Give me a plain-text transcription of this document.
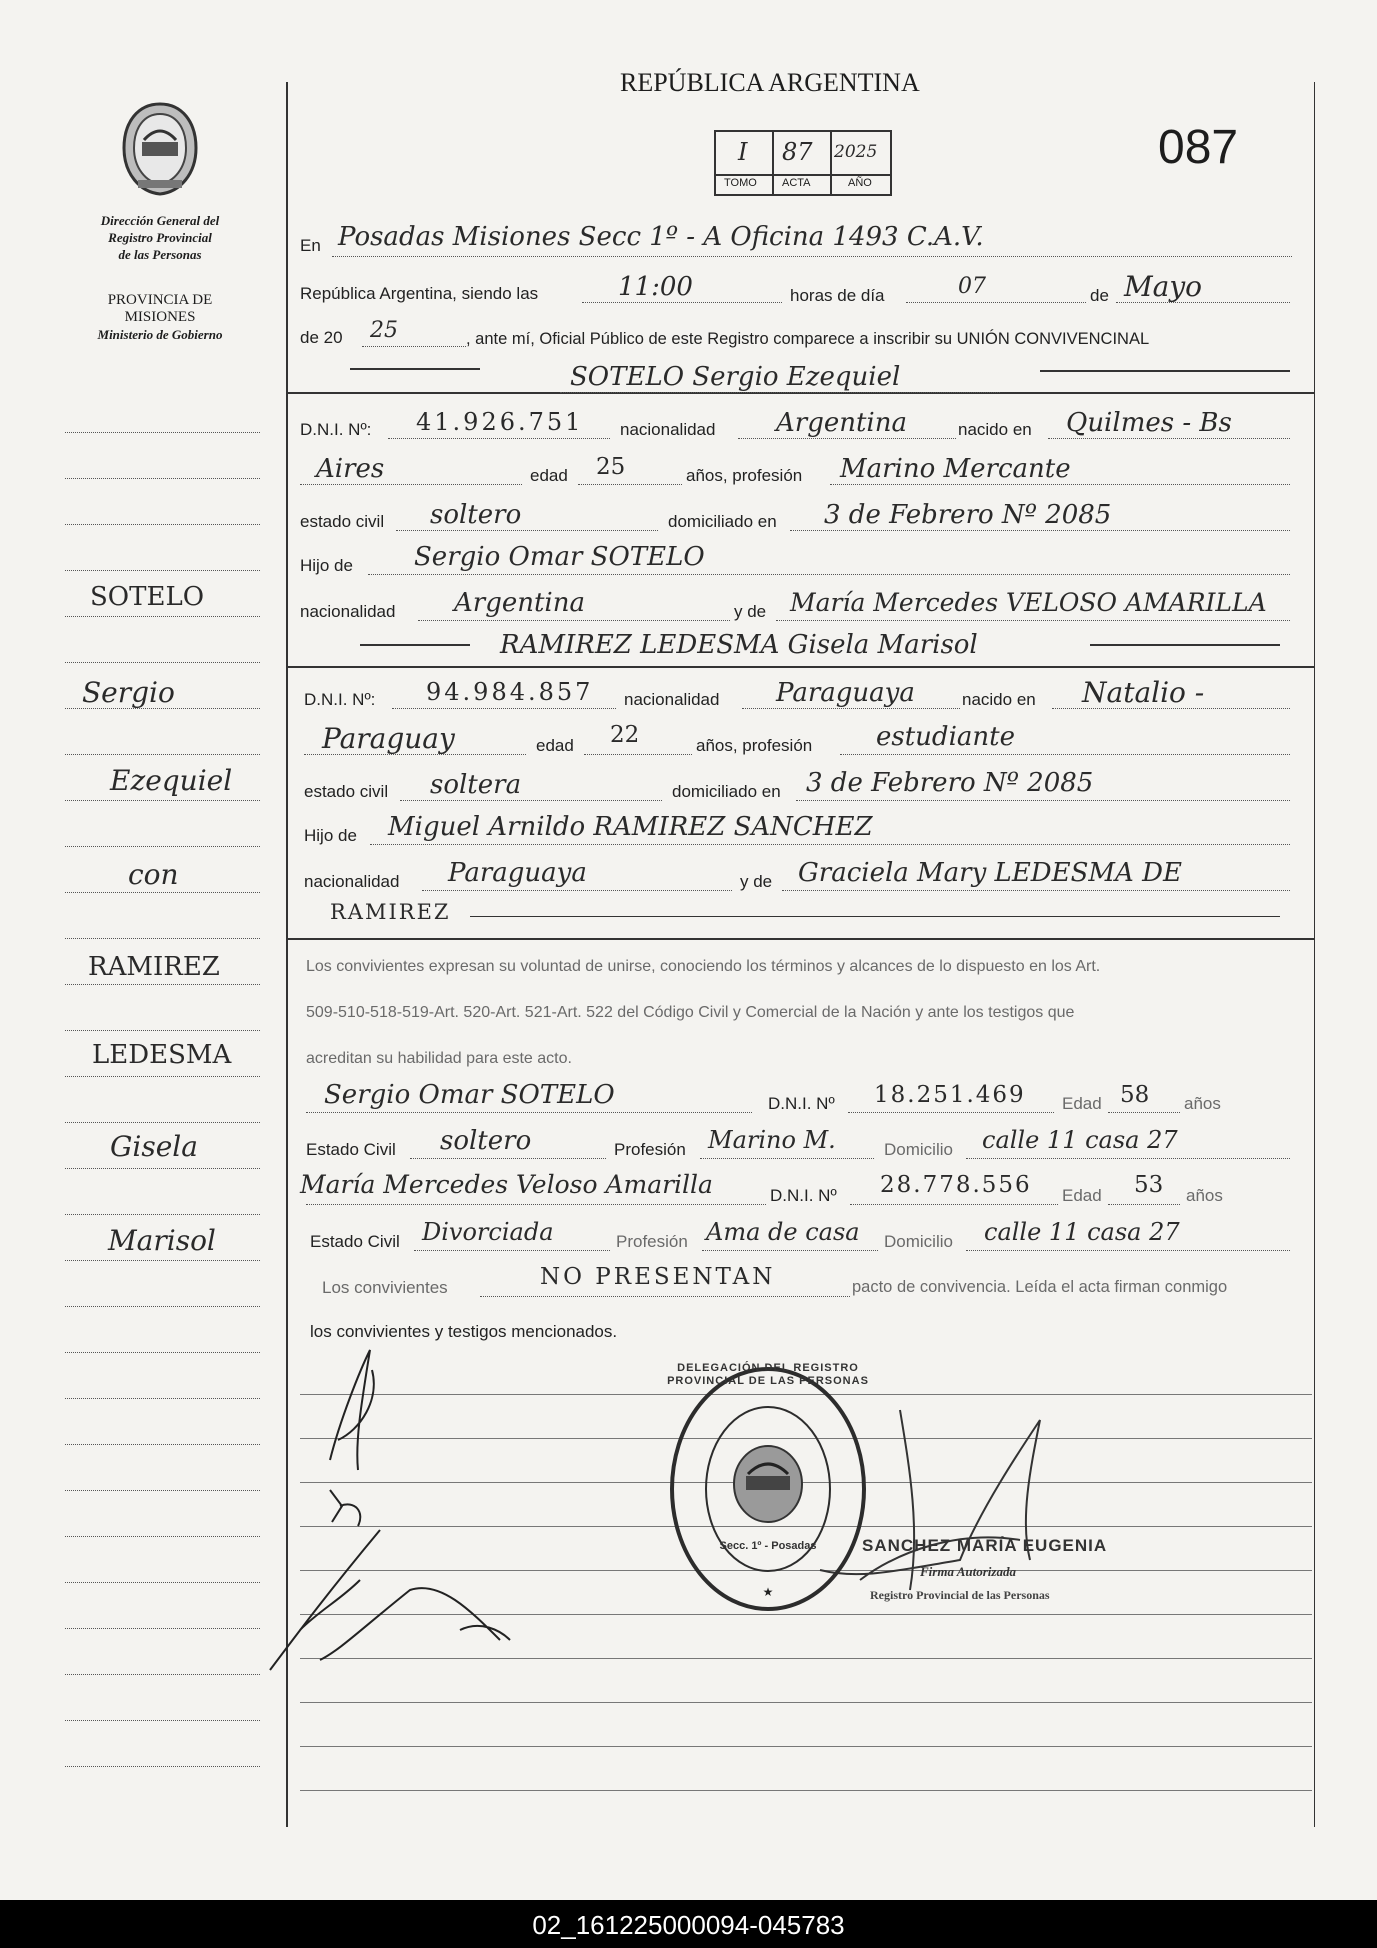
Dirección General del
Registro Provincial
de las Personas
PROVINCIA DE
MISIONES
Ministerio de Gobierno
SOTELO
Sergio
Ezequiel
con
RAMIREZ
LEDESMA
Gisela
Marisol
REPÚBLICA ARGENTINA
087
I 87 2025
TOMO ACTA	AÑO
En Posadas Misiones Secc 1º - A Oficina 1493 C.A.V.
República Argentina, siendo las	11:00	horas de día	07	de Mayo
de 20 25	, ante mí, Oficial Público de este Registro comparece a inscribir su UNIÓN CONVIVENCINAL
SOTELO Sergio Ezequiel
D.N.I. Nº: 41.926.751 nacionalidad Argentina	nacido en Quilmes - Bs
Aires	edad 25	años, profesión Marino Mercante
estado civil soltero	domiciliado en 3 de Febrero Nº 2085
Hijo de Sergio Omar SOTELO
nacionalidad Argentina	y de María Mercedes VELOSO AMARILLA
RAMIREZ LEDESMA Gisela Marisol
D.N.I. Nº: 94.984.857 nacionalidad Paraguaya	nacido en Natalio -
Paraguay	edad 22	años, profesión estudiante
estado civil soltera	domiciliado en 3 de Febrero Nº 2085
Hijo de Miguel Arnildo RAMIREZ SANCHEZ
nacionalidad Paraguaya	y de Graciela Mary LEDESMA DE
RAMIREZ
Los convivientes expresan su voluntad de unirse, conociendo los términos y alcances de lo dispuesto en los Art.
509-510-518-519-Art. 520-Art. 521-Art. 522 del Código Civil y Comercial de la Nación y ante los testigos que
acreditan su habilidad para este acto.
Sergio Omar SOTELO	D.N.I. Nº 18.251.469 Edad 58 años
Estado Civil soltero	Profesión Marino M.	Domicilio calle 11 casa 27
María Mercedes Veloso Amarilla	D.N.I. Nº 28.778.556 Edad 53 años
Estado Civil Divorciada	Profesión Ama de casa Domicilio calle 11 casa 27
Los convivientes	NO PRESENTAN	pacto de convivencia. Leída el acta firman conmigo
los convivientes y testigos mencionados.
★
DELEGACIÓN DEL REGISTRO PROVINCIAL DE LAS PERSONAS
Secc. 1º - Posadas	SANCHEZ MARÍA EUGENIA
Firma Autorizada
Registro Provincial de las Personas
02_161225000094-045783
